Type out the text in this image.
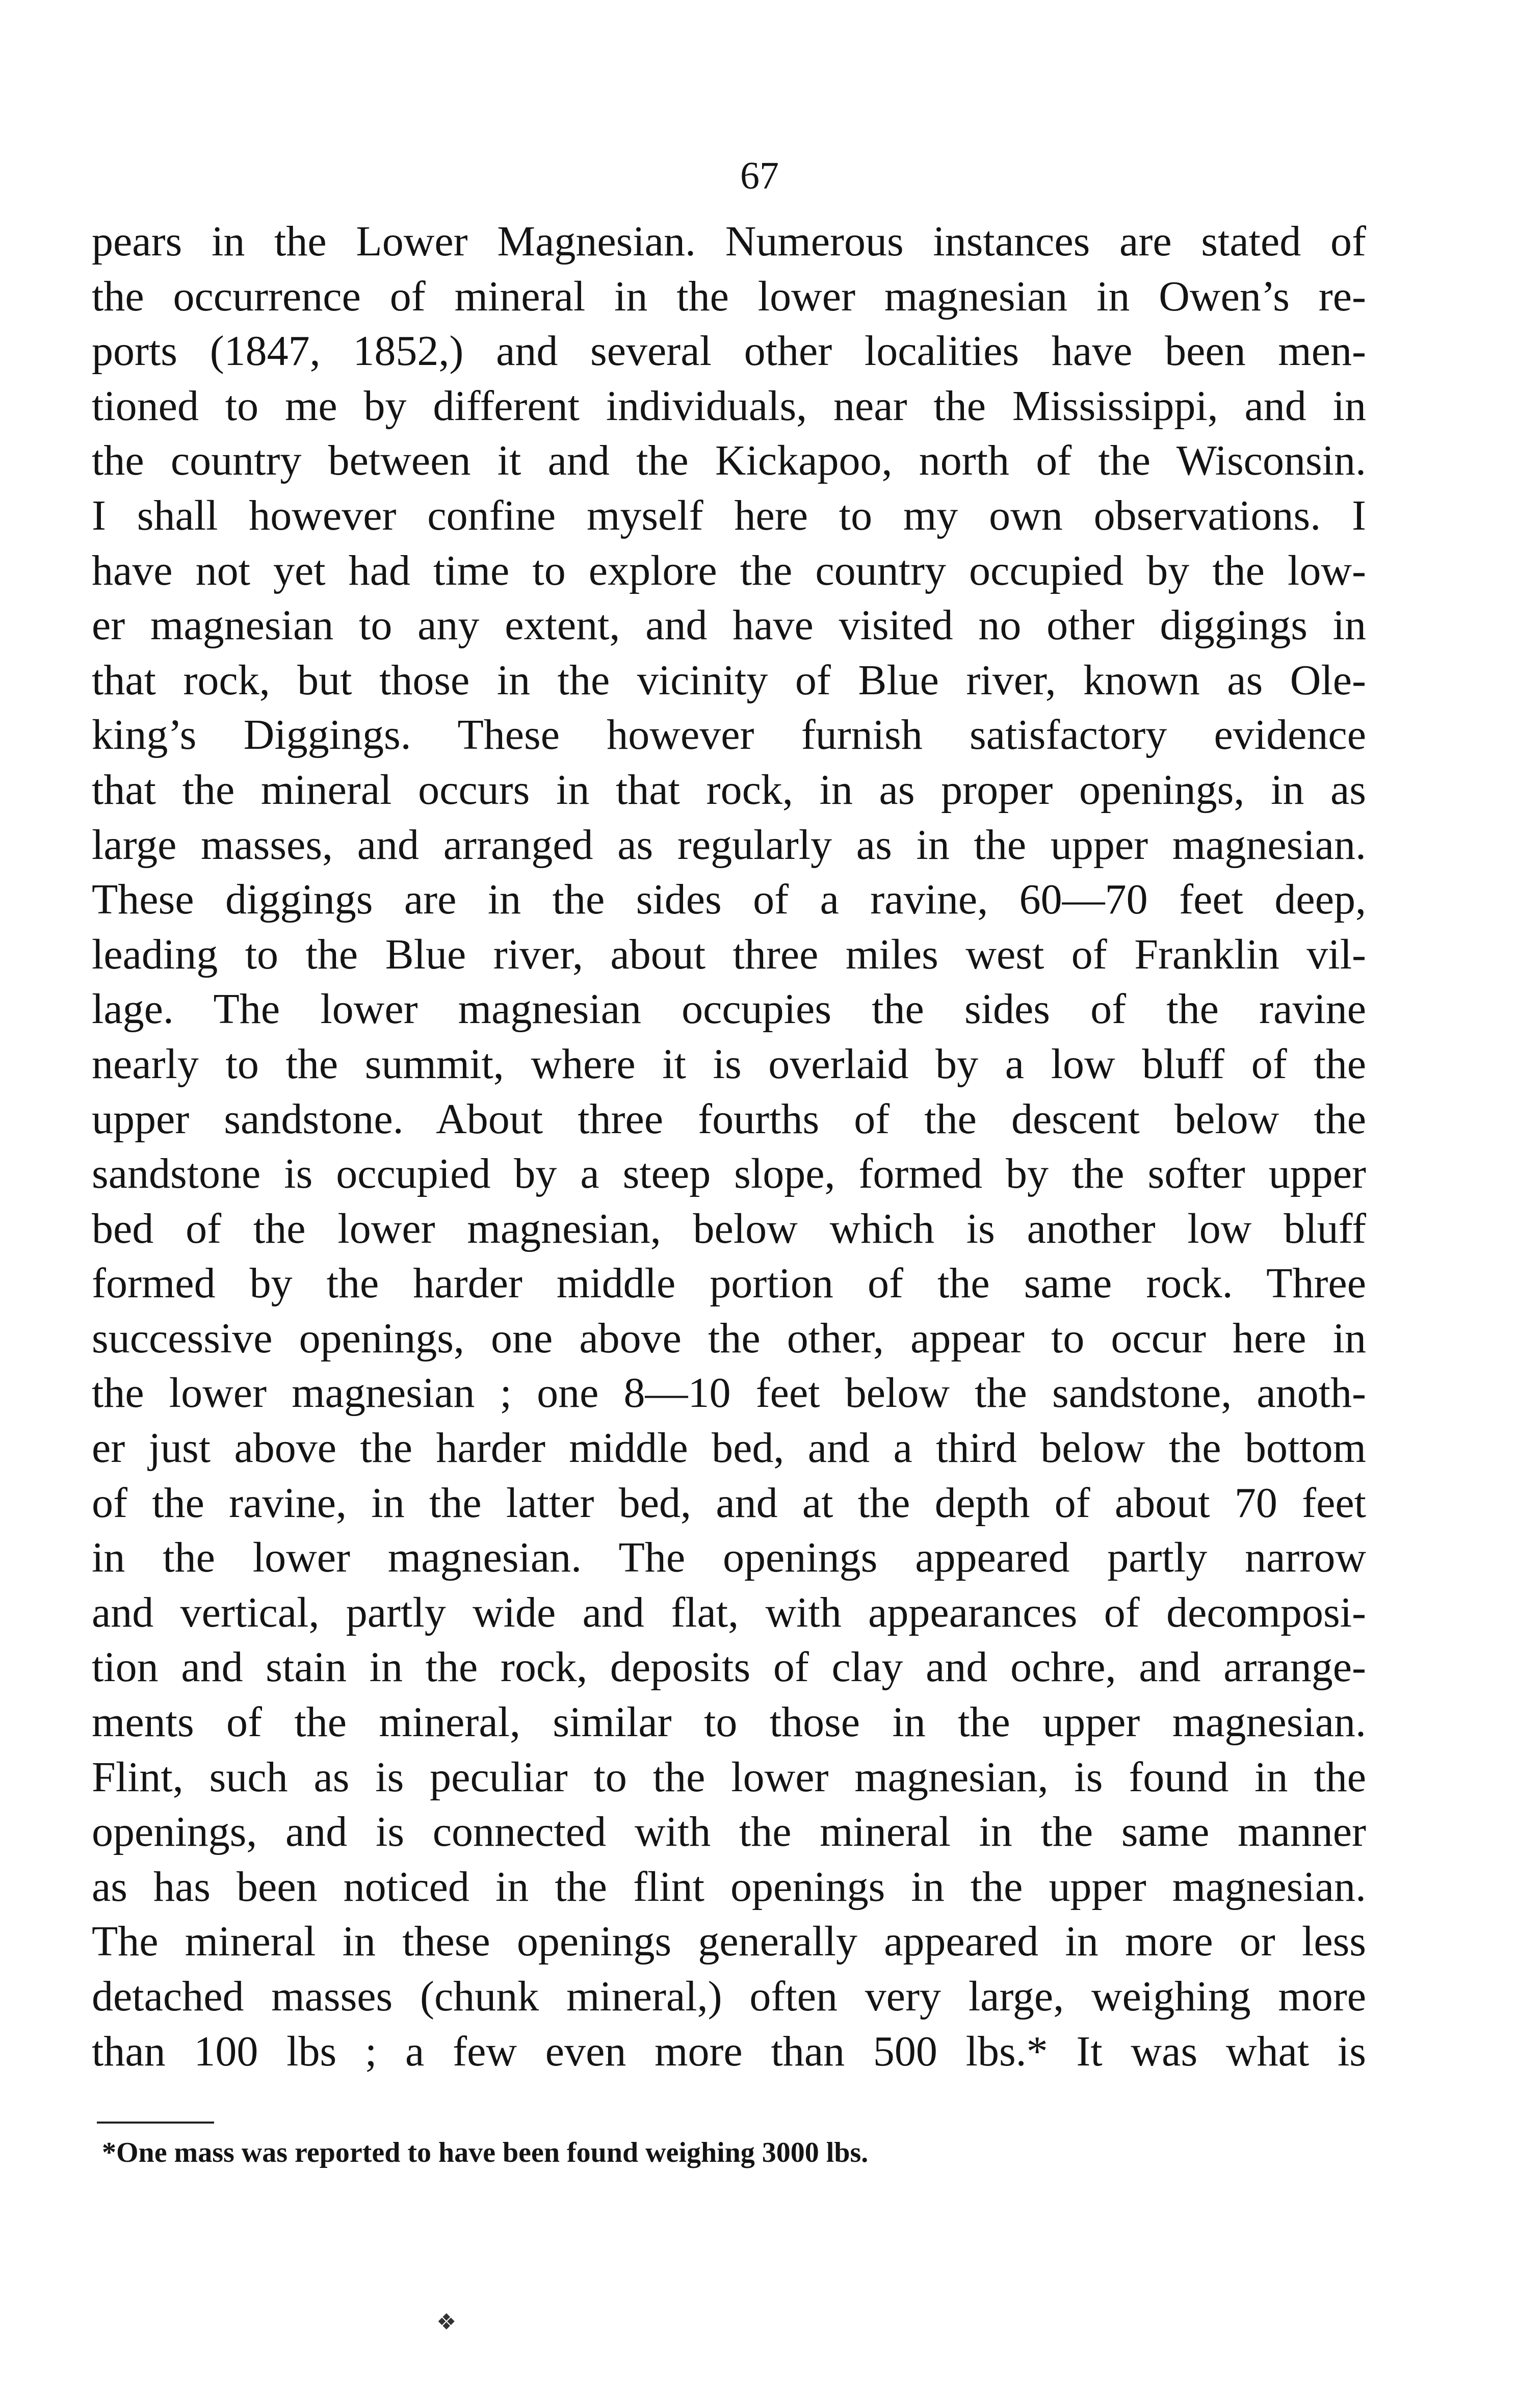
67
pears in the Lower Magnesian. Numerous instances are stated of
the occurrence of mineral in the lower magnesian in Owen’s re-
ports (1847, 1852,) and several other localities have been men-
tioned to me by different individuals, near the Mississippi, and in
the country between it and the Kickapoo, north of the Wisconsin.
I shall however confine myself here to my own observations. I
have not yet had time to explore the country occupied by the low-
er magnesian to any extent, and have visited no other diggings in
that rock, but those in the vicinity of Blue river, known as Ole-
king’s Diggings. These however furnish satisfactory evidence
that the mineral occurs in that rock, in as proper openings, in as
large masses, and arranged as regularly as in the upper magnesian.
These diggings are in the sides of a ravine, 60—70 feet deep,
leading to the Blue river, about three miles west of Franklin vil-
lage. The lower magnesian occupies the sides of the ravine
nearly to the summit, where it is overlaid by a low bluff of the
upper sandstone. About three fourths of the descent below the
sandstone is occupied by a steep slope, formed by the softer upper
bed of the lower magnesian, below which is another low bluff
formed by the harder middle portion of the same rock. Three
successive openings, one above the other, appear to occur here in
the lower magnesian ; one 8—10 feet below the sandstone, anoth-
er just above the harder middle bed, and a third below the bottom
of the ravine, in the latter bed, and at the depth of about 70 feet
in the lower magnesian. The openings appeared partly narrow
and vertical, partly wide and flat, with appearances of decomposi-
tion and stain in the rock, deposits of clay and ochre, and arrange-
ments of the mineral, similar to those in the upper magnesian.
Flint, such as is peculiar to the lower magnesian, is found in the
openings, and is connected with the mineral in the same manner
as has been noticed in the flint openings in the upper magnesian.
The mineral in these openings generally appeared in more or less
detached masses (chunk mineral,) often very large, weighing more
than 100 lbs ; a few even more than 500 lbs.* It was what is
*One mass was reported to have been found weighing 3000 lbs.
❖
